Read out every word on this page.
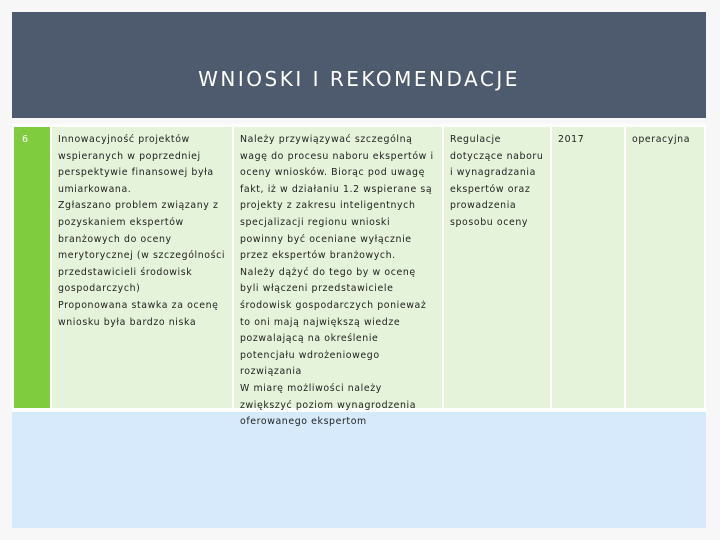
WNIOSKI I REKOMENDACJE
6	Innowacyjność projektów wspieranych w poprzedniej perspektywie finansowej była umiarkowana.
Zgłaszano problem związany z pozyskaniem ekspertów branżowych do oceny merytorycznej (w szczególności przedstawicieli środowisk gospodarczych)
Proponowana stawka za ocenę wniosku była bardzo niska
Należy przywiązywać szczególną wagę do procesu naboru ekspertów i oceny wniosków. Biorąc pod uwagę fakt, iż w działaniu 1.2 wspierane są projekty z zakresu inteligentnych specjalizacji regionu wnioski powinny być oceniane wyłącznie przez ekspertów branżowych.
Należy dążyć do tego by w ocenę byli włączeni przedstawiciele środowisk gospodarczych ponieważ to oni mają największą wiedze pozwalającą na określenie potencjału wdrożeniowego rozwiązania
W miarę możliwości należy zwiększyć poziom wynagrodzenia oferowanego ekspertom
Regulacje dotyczące naboru i wynagradzania ekspertów oraz prowadzenia sposobu oceny
2017	operacyjna
